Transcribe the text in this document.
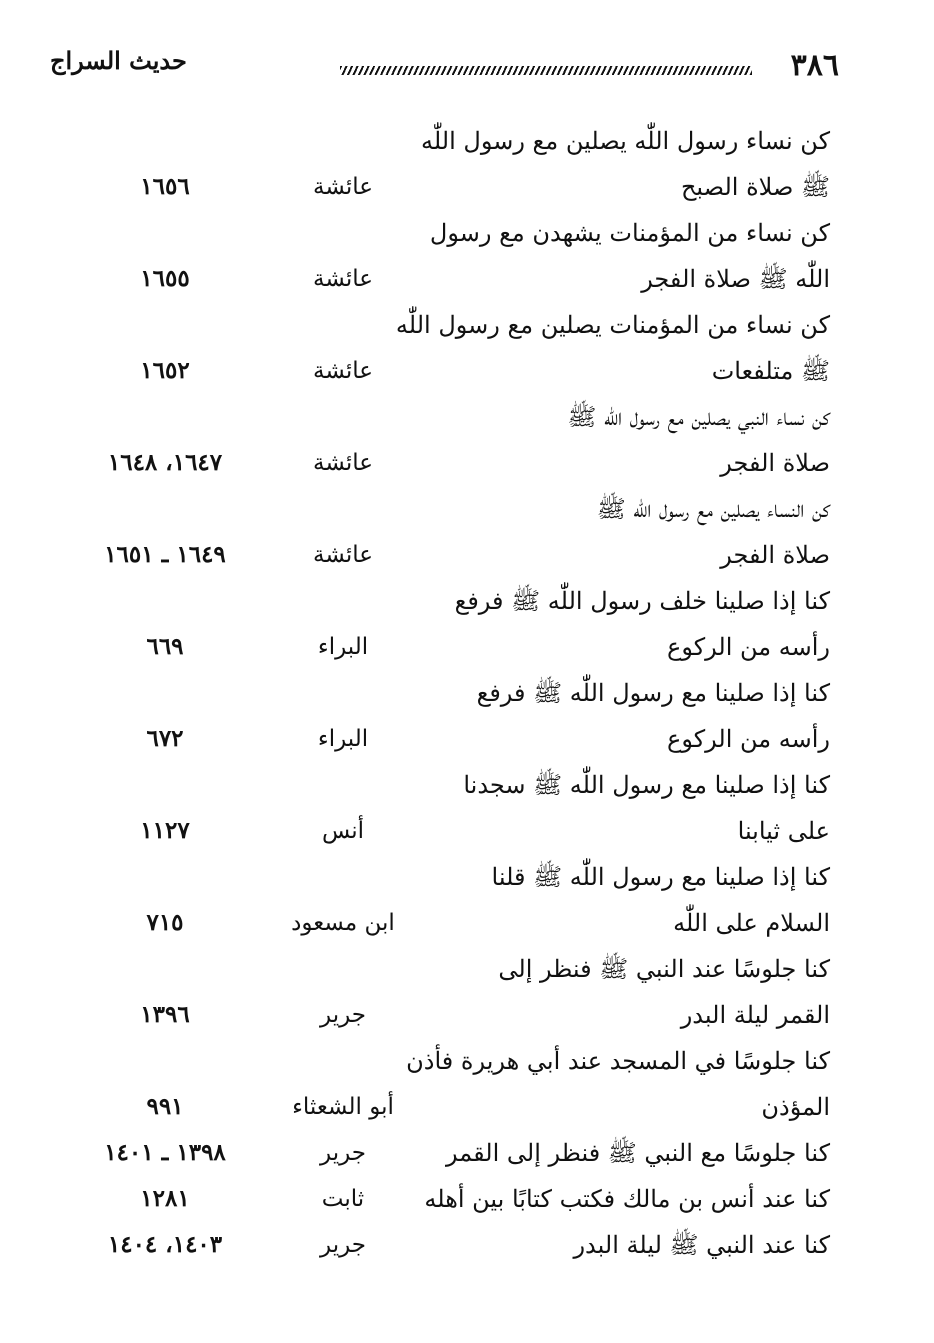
٣٨٦
حديث السراج
كن نساء رسول اللّٰه يصلين مع رسول اللّٰه
ﷺ صلاة الصبح
عائشة
١٦٥٦
كن نساء من المؤمنات يشهدن مع رسول
اللّٰه ﷺ صلاة الفجر
عائشة
١٦٥٥
كن نساء من المؤمنات يصلين مع رسول اللّٰه
ﷺ متلفعات
عائشة
١٦٥٢
كن نساء النبي يصلين مع رسول اللّٰه ﷺ
صلاة الفجر
عائشة
١٦٤٧، ١٦٤٨
كن النساء يصلين مع رسول اللّٰه ﷺ
صلاة الفجر
عائشة
١٦٤٩ ـ ١٦٥١
كنا إذا صلينا خلف رسول اللّٰه ﷺ فرفع
رأسه من الركوع
البراء
٦٦٩
كنا إذا صلينا مع رسول اللّٰه ﷺ فرفع
رأسه من الركوع
البراء
٦٧٢
كنا إذا صلينا مع رسول اللّٰه ﷺ سجدنا
على ثيابنا
أنس
١١٢٧
كنا إذا صلينا مع رسول اللّٰه ﷺ قلنا
السلام على اللّٰه
ابن مسعود
٧١٥
كنا جلوسًا عند النبي ﷺ فنظر إلى
القمر ليلة البدر
جرير
١٣٩٦
كنا جلوسًا في المسجد عند أبي هريرة فأذن
المؤذن
أبو الشعثاء
٩٩١
كنا جلوسًا مع النبي ﷺ فنظر إلى القمر
جرير
١٣٩٨ ـ ١٤٠١
كنا عند أنس بن مالك فكتب كتابًا بين أهله
ثابت
١٢٨١
كنا عند النبي ﷺ ليلة البدر
جرير
١٤٠٣، ١٤٠٤
